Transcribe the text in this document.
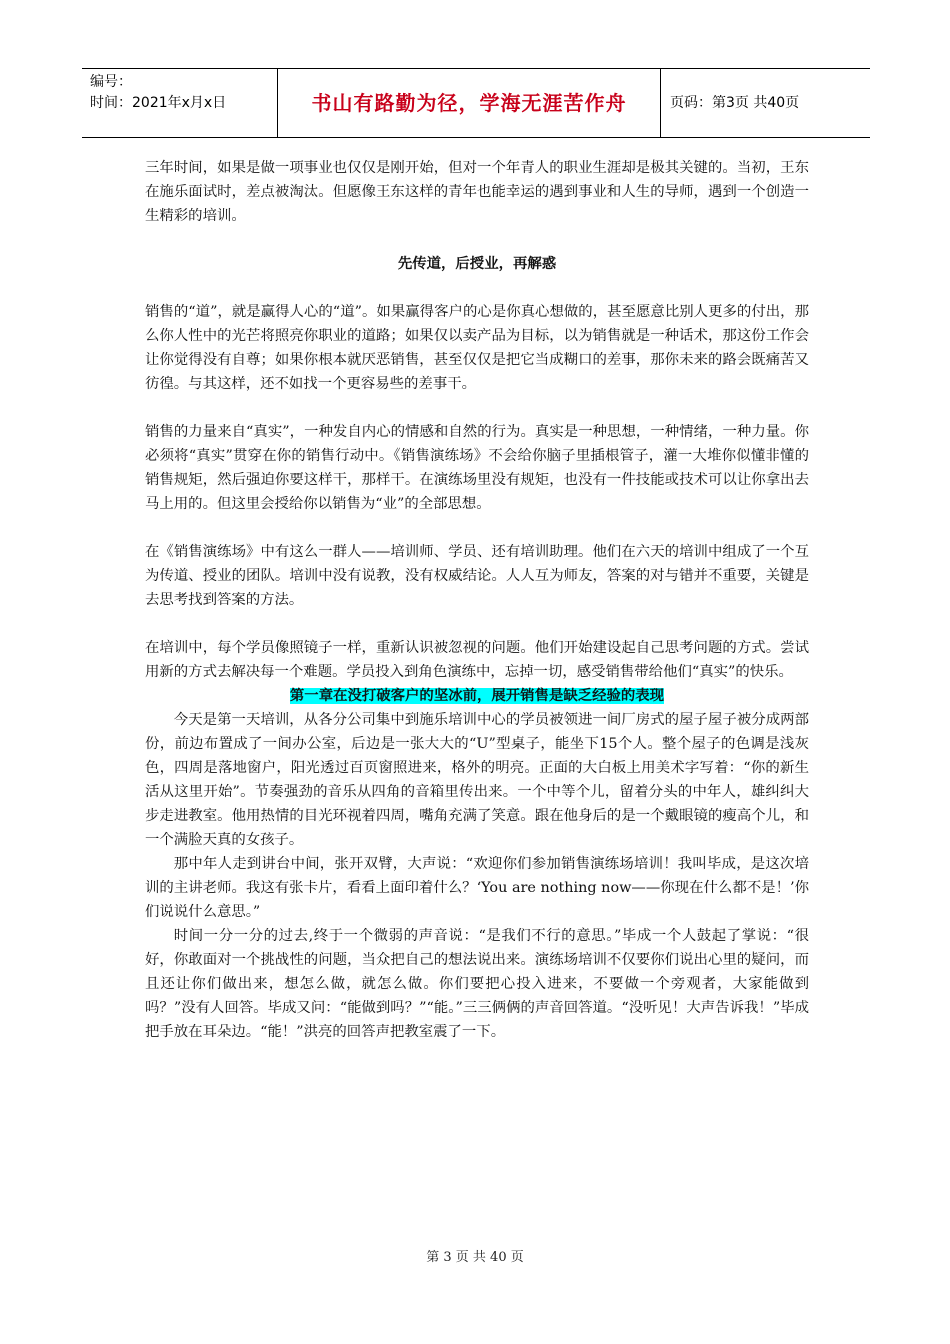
编号：
时间：2021年x月x日	书山有路勤为径，学海无涯苦作舟	页码：第3页 共40页

三年时间，如果是做一项事业也仅仅是刚开始，但对一个年青人的职业生涯却是极其关键的。当初，王东在施乐面试时，差点被淘汰。但愿像王东这样的青年也能幸运的遇到事业和人生的导师，遇到一个创造一生精彩的培训。

先传道，后授业，再解惑

销售的“道”，就是赢得人心的“道”。如果赢得客户的心是你真心想做的，甚至愿意比别人更多的付出，那么你人性中的光芒将照亮你职业的道路；如果仅以卖产品为目标，以为销售就是一种话术，那这份工作会让你觉得没有自尊；如果你根本就厌恶销售，甚至仅仅是把它当成糊口的差事，那你未来的路会既痛苦又彷徨。与其这样，还不如找一个更容易些的差事干。

销售的力量来自“真实”，一种发自内心的情感和自然的行为。真实是一种思想，一种情绪，一种力量。你必须将“真实”贯穿在你的销售行动中。《销售演练场》不会给你脑子里插根管子，灌一大堆你似懂非懂的销售规矩，然后强迫你要这样干，那样干。在演练场里没有规矩，也没有一件技能或技术可以让你拿出去马上用的。但这里会授给你以销售为“业”的全部思想。

在《销售演练场》中有这么一群人——培训师、学员、还有培训助理。他们在六天的培训中组成了一个互为传道、授业的团队。培训中没有说教，没有权威结论。人人互为师友，答案的对与错并不重要，关键是去思考找到答案的方法。

在培训中，每个学员像照镜子一样，重新认识被忽视的问题。他们开始建设起自己思考问题的方式。尝试用新的方式去解决每一个难题。学员投入到角色演练中，忘掉一切，感受销售带给他们“真实”的快乐。

第一章在没打破客户的坚冰前，展开销售是缺乏经验的表现

今天是第一天培训，从各分公司集中到施乐培训中心的学员被领进一间厂房式的屋子屋子被分成两部份，前边布置成了一间办公室，后边是一张大大的“U”型桌子，能坐下15个人。整个屋子的色调是浅灰色，四周是落地窗户，阳光透过百页窗照进来，格外的明亮。正面的大白板上用美术字写着：“你的新生活从这里开始”。节奏强劲的音乐从四角的音箱里传出来。一个中等个儿，留着分头的中年人，雄纠纠大步走进教室。他用热情的目光环视着四周，嘴角充满了笑意。跟在他身后的是一个戴眼镜的瘦高个儿，和一个满脸天真的女孩子。

那中年人走到讲台中间，张开双臂，大声说：“欢迎你们参加销售演练场培训！我叫毕成，是这次培训的主讲老师。我这有张卡片，看看上面印着什么？‘You are nothing now——你现在什么都不是！’你们说说什么意思。”

时间一分一分的过去,终于一个微弱的声音说：“是我们不行的意思。”毕成一个人鼓起了掌说：“很好，你敢面对一个挑战性的问题，当众把自己的想法说出来。演练场培训不仅要你们说出心里的疑问，而且还让你们做出来，想怎么做，就怎么做。你们要把心投入进来，不要做一个旁观者，大家能做到吗？”没有人回答。毕成又问：“能做到吗？”“能。”三三俩俩的声音回答道。“没听见！大声告诉我！”毕成把手放在耳朵边。“能！”洪亮的回答声把教室震了一下。

第 3 页 共 40 页
